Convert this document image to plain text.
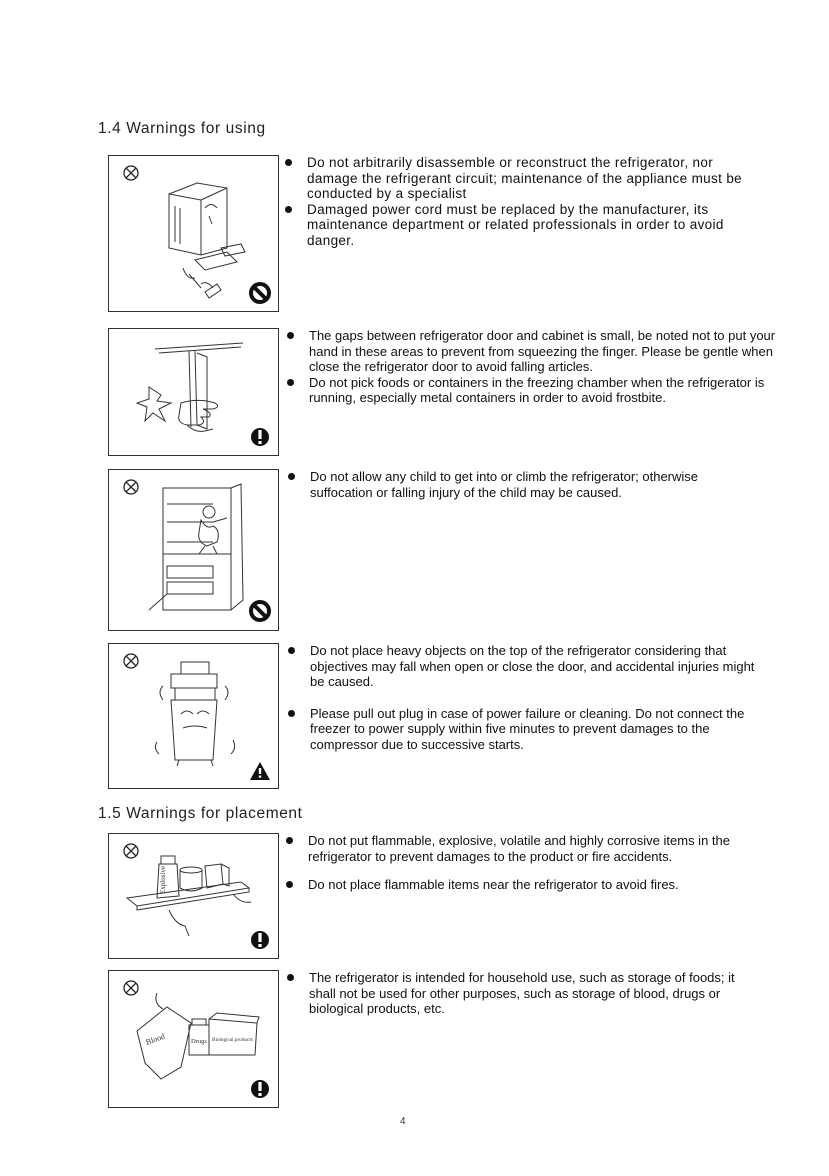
1.4 Warnings for using

Do not arbitrarily disassemble or reconstruct the refrigerator, nor damage the refrigerant circuit; maintenance of the appliance must be conducted by a specialist

Damaged power cord must be replaced by the manufacturer, its maintenance department or related professionals in order to avoid danger.

The gaps between refrigerator door and cabinet is small, be noted not to put your hand in these areas to prevent from squeezing the finger. Please be gentle when close the refrigerator door to avoid falling articles.

Do not pick foods or containers in the freezing chamber when the refrigerator is running, especially metal containers in order to avoid frostbite.

Do not allow any child to get into or climb the refrigerator; otherwise suffocation or falling injury of the child may be caused.

Do not place heavy objects on the top of the refrigerator considering that objectives may fall when open or close the door, and accidental injuries might be caused.

Please pull out plug in case of power failure or cleaning. Do not connect the freezer to power supply within five minutes to prevent damages to the compressor due to successive starts.

1.5 Warnings for placement
Explosive

Do not put flammable, explosive, volatile and highly corrosive items in the refrigerator to prevent damages to the product or fire accidents.

Do not place flammable items near the refrigerator to avoid fires.

Blood	Drugs Biological products

The refrigerator is intended for household use, such as storage of foods; it shall not be used for other purposes, such as storage of blood, drugs or biological products, etc.

4
